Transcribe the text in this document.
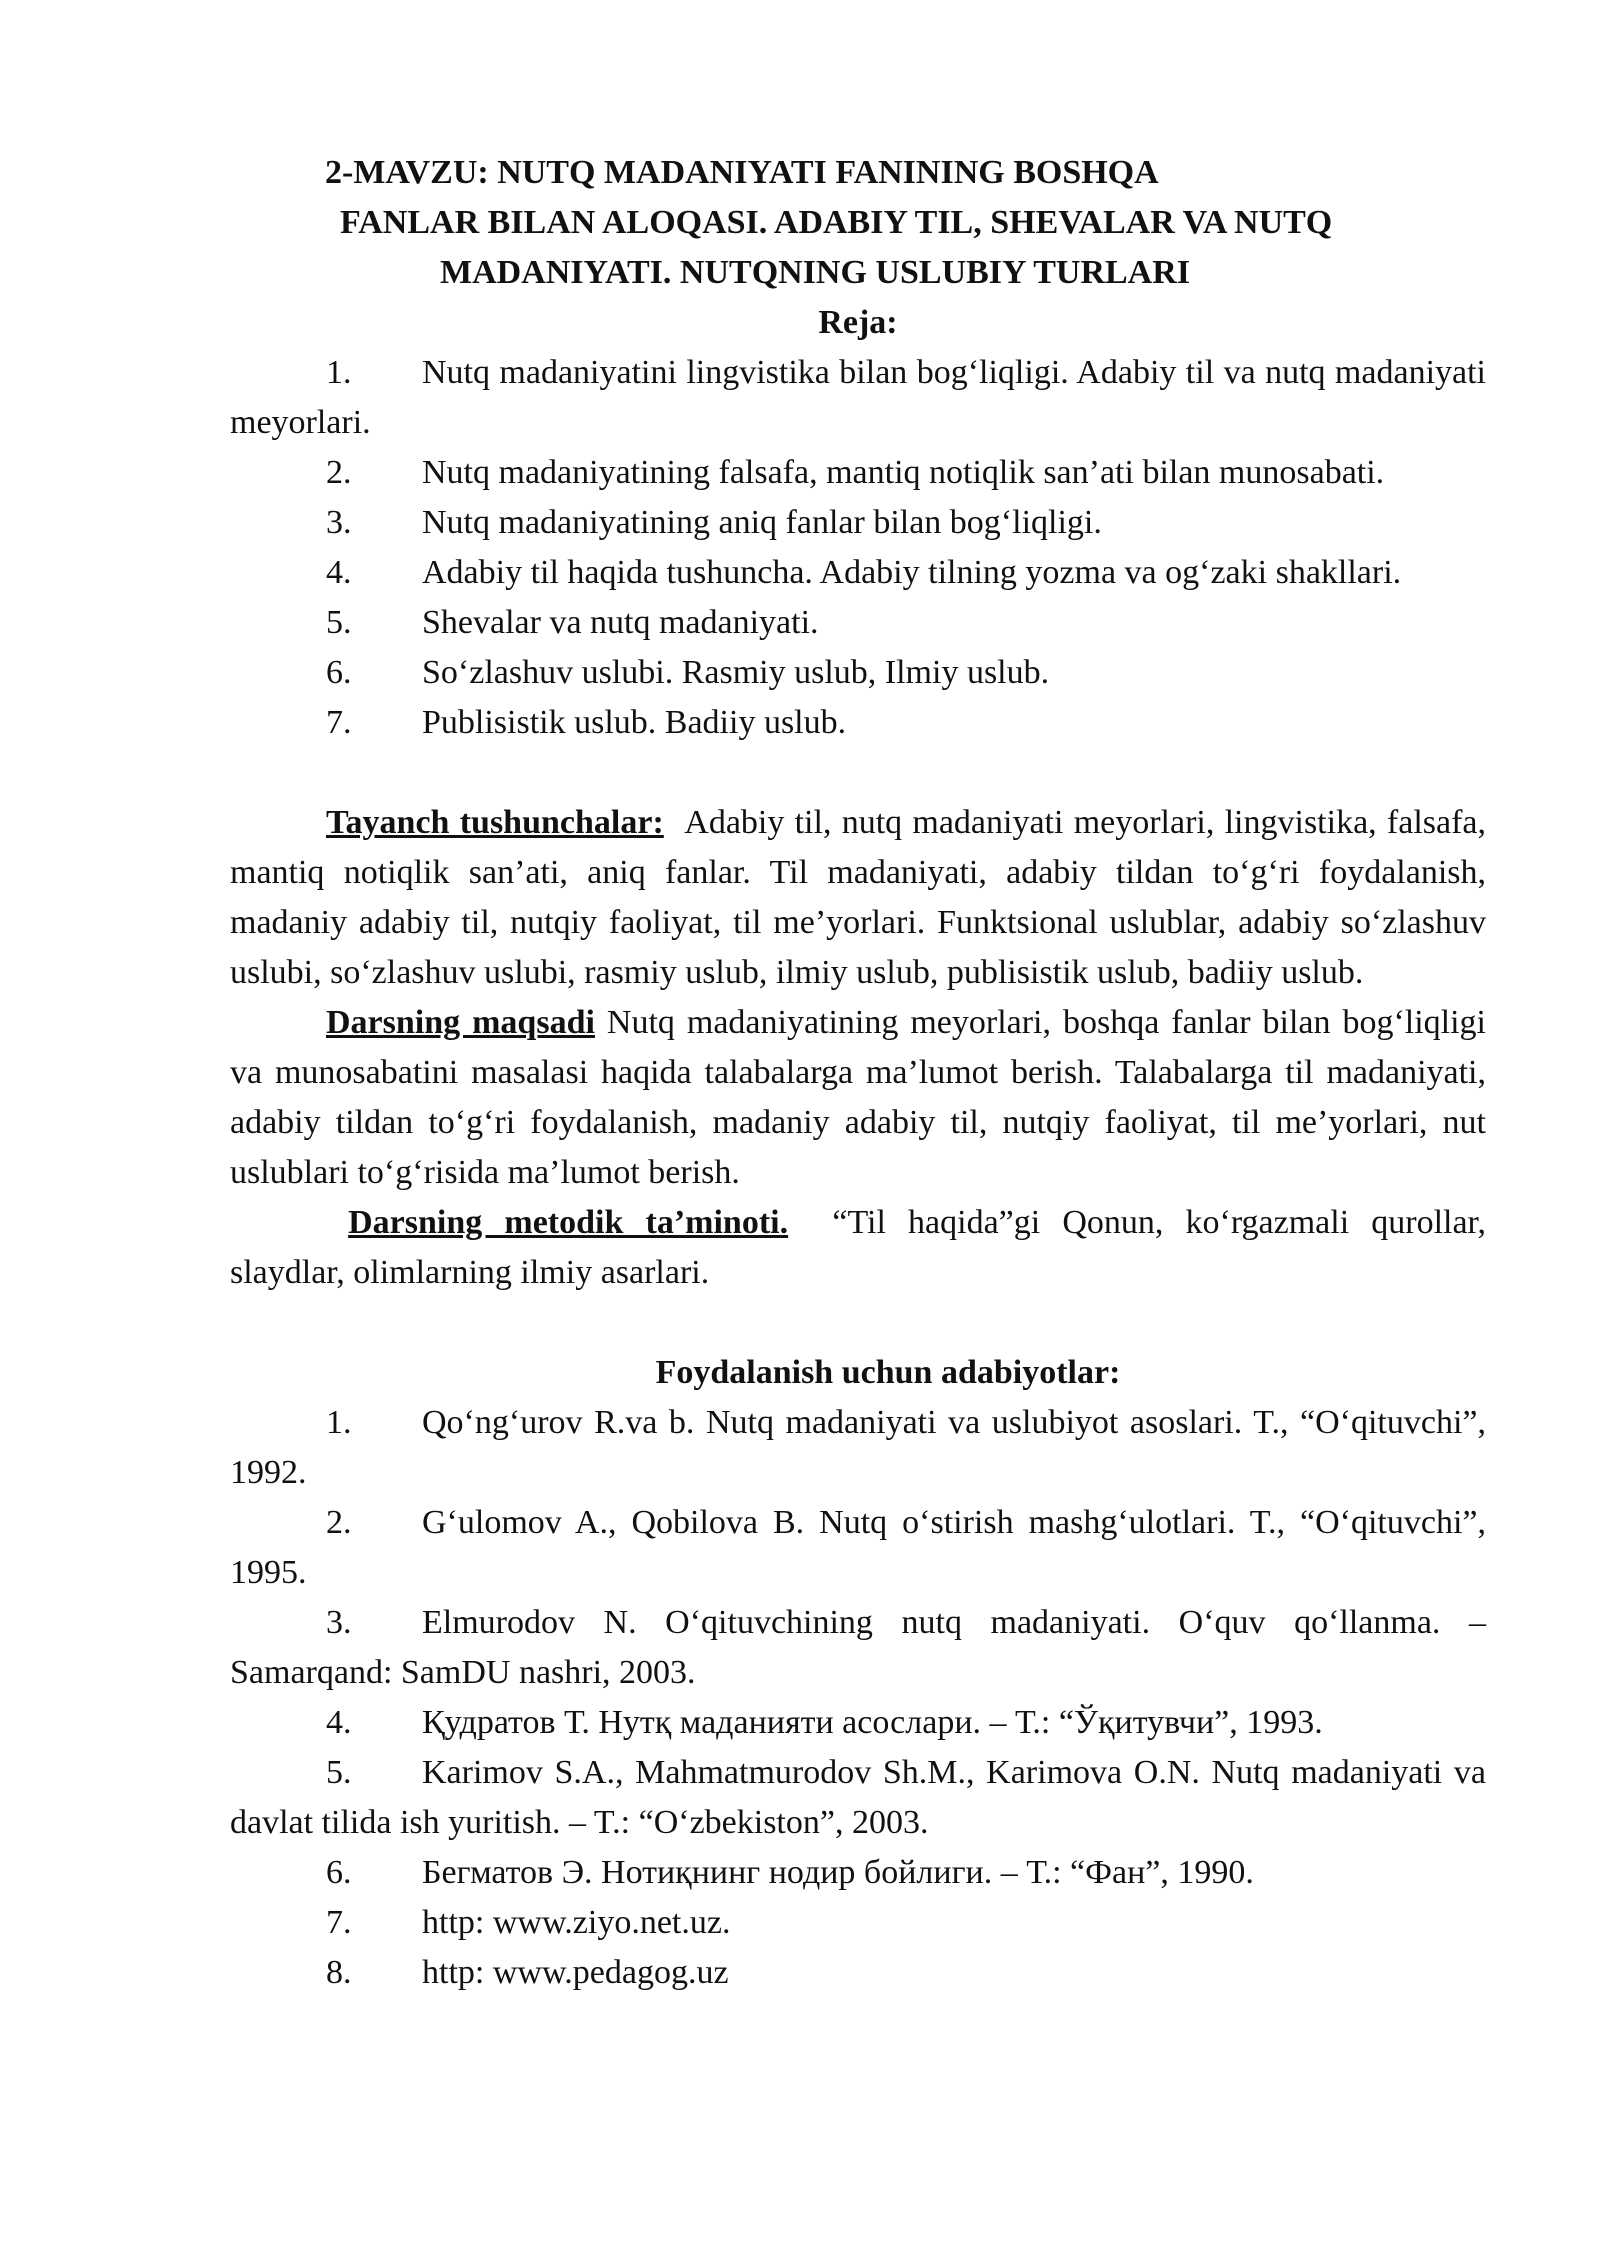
2-MAVZU: NUTQ MADANIYATI FANINING BOSHQA
FANLAR BILAN ALOQASI. ADABIY TIL, SHEVALAR VA NUTQ
MADANIYATI. NUTQNING USLUBIY TURLARI
Reja:
1. Nutq madaniyatini lingvistika bilan bog‘liqligi. Adabiy til va nutq madaniyati meyorlari.
2. Nutq madaniyatining falsafa, mantiq notiqlik san’ati bilan munosabati.
3. Nutq madaniyatining aniq fanlar bilan bog‘liqligi.
4. Adabiy til haqida tushuncha. Adabiy tilning yozma va og‘zaki shakllari.
5. Shevalar va nutq madaniyati.
6. So‘zlashuv uslubi. Rasmiy uslub, Ilmiy uslub.
7. Publisistik uslub. Badiiy uslub.
Tayanch tushunchalar: Adabiy til, nutq madaniyati meyorlari, lingvistika, falsafa, mantiq notiqlik san’ati, aniq fanlar. Til madaniyati, adabiy tildan to‘g‘ri foydalanish, madaniy adabiy til, nutqiy faoliyat, til me’yorlari. Funktsional uslublar, adabiy so‘zlashuv uslubi, so‘zlashuv uslubi, rasmiy uslub, ilmiy uslub, publisistik uslub, badiiy uslub.
Darsning maqsadi Nutq madaniyatining meyorlari, boshqa fanlar bilan bog‘liqligi va munosabatini masalasi haqida talabalarga ma’lumot berish. Talabalarga til madaniyati, adabiy tildan to‘g‘ri foydalanish, madaniy adabiy til, nutqiy faoliyat, til me’yorlari, nut uslublari to‘g‘risida ma’lumot berish.
Darsning metodik ta’minoti. “Til haqida”gi Qonun, ko‘rgazmali qurollar, slaydlar, olimlarning ilmiy asarlari.
Foydalanish uchun adabiyotlar:
1. Qo‘ng‘urov R.va b. Nutq madaniyati va uslubiyot asoslari. T., “O‘qituvchi”, 1992.
2. G‘ulomov A., Qobilova B. Nutq o‘stirish mashg‘ulotlari. T., “O‘qituvchi”, 1995.
3. Elmurodov N. O‘qituvchining nutq madaniyati. O‘quv qo‘llanma. – Samarqand: SamDU nashri, 2003.
4. Қудратов Т. Нутқ маданияти асослари. – Т.: “Ўқитувчи”, 1993.
5. Karimov S.A., Mahmatmurodov Sh.M., Karimova O.N. Nutq madaniyati va davlat tilida ish yuritish. – T.: “O‘zbekiston”, 2003.
6. Бегматов Э. Нотиқнинг нодир бойлиги. – Т.: “Фан”, 1990.
7. http: www.ziyo.net.uz.
8. http: www.pedagog.uz
